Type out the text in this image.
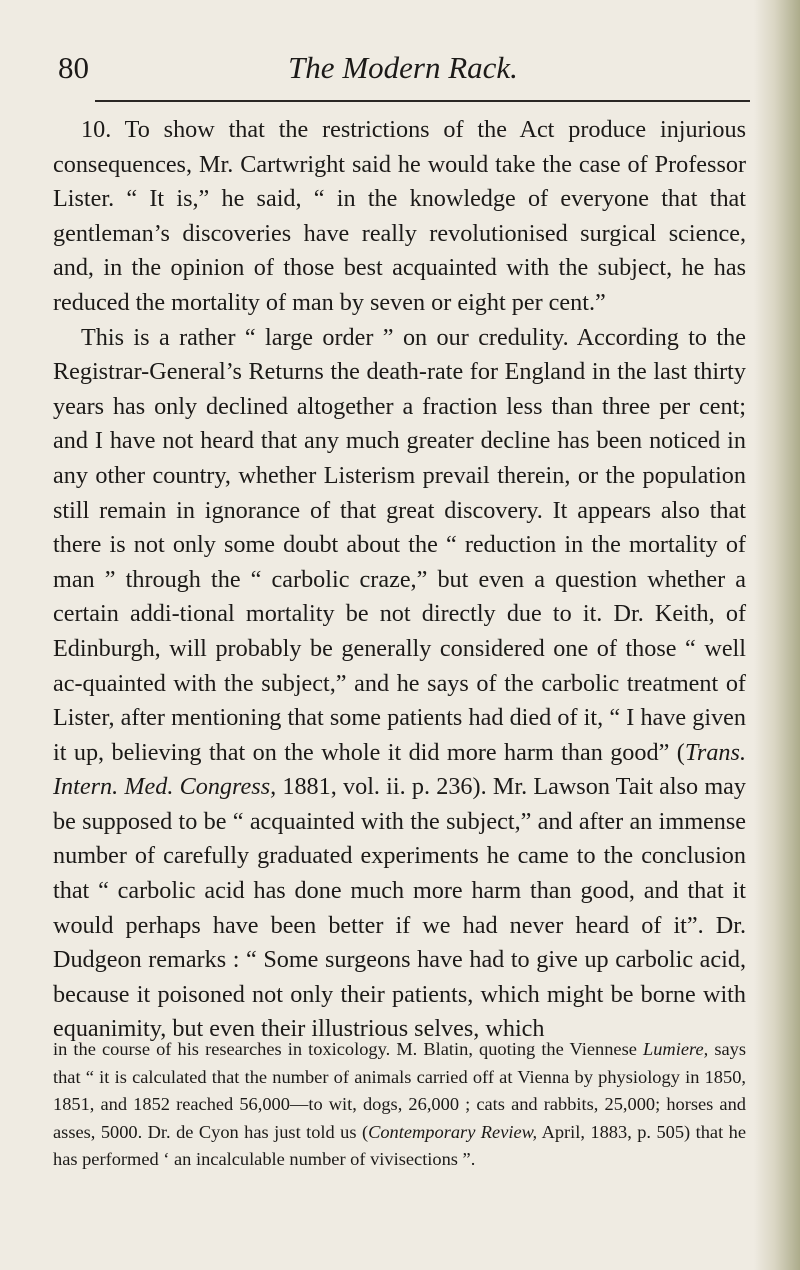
80	The Modern Rack.

10. To show that the restrictions of the Act produce injurious consequences, Mr. Cartwright said he would take the case of Professor Lister. “ It is,” he said, “ in the knowledge of everyone that that gentleman’s discoveries have really revolutionised surgical science, and, in the opinion of those best acquainted with the subject, he has reduced the mortality of man by seven or eight per cent.”

This is a rather “ large order ” on our credulity. According to the Registrar-General’s Returns the death-rate for England in the last thirty years has only declined altogether a fraction less than three per cent; and I have not heard that any much greater decline has been noticed in any other country, whether Listerism prevail therein, or the population still remain in ignorance of that great discovery. It appears also that there is not only some doubt about the “ reduction in the mortality of man ” through the “ carbolic craze,” but even a question whether a certain addi-tional mortality be not directly due to it. Dr. Keith, of Edinburgh, will probably be generally considered one of those “ well ac-quainted with the subject,” and he says of the carbolic treatment of Lister, after mentioning that some patients had died of it, “ I have given it up, believing that on the whole it did more harm than good” (Trans. Intern. Med. Congress, 1881, vol. ii. p. 236). Mr. Lawson Tait also may be supposed to be “ acquainted with the subject,” and after an immense number of carefully graduated experiments he came to the conclusion that “ carbolic acid has done much more harm than good, and that it would perhaps have been better if we had never heard of it”. Dr. Dudgeon remarks : “ Some surgeons have had to give up carbolic acid, because it poisoned not only their patients, which might be borne with equanimity, but even their illustrious selves, which

in the course of his researches in toxicology. M. Blatin, quoting the Viennese Lumiere, says that “ it is calculated that the number of animals carried off at Vienna by physiology in 1850, 1851, and 1852 reached 56,000—to wit, dogs, 26,000 ; cats and rabbits, 25,000; horses and asses, 5000. Dr. de Cyon has just told us (Contemporary Review, April, 1883, p. 505) that he has performed ‘ an incalculable number of vivisections ”.
